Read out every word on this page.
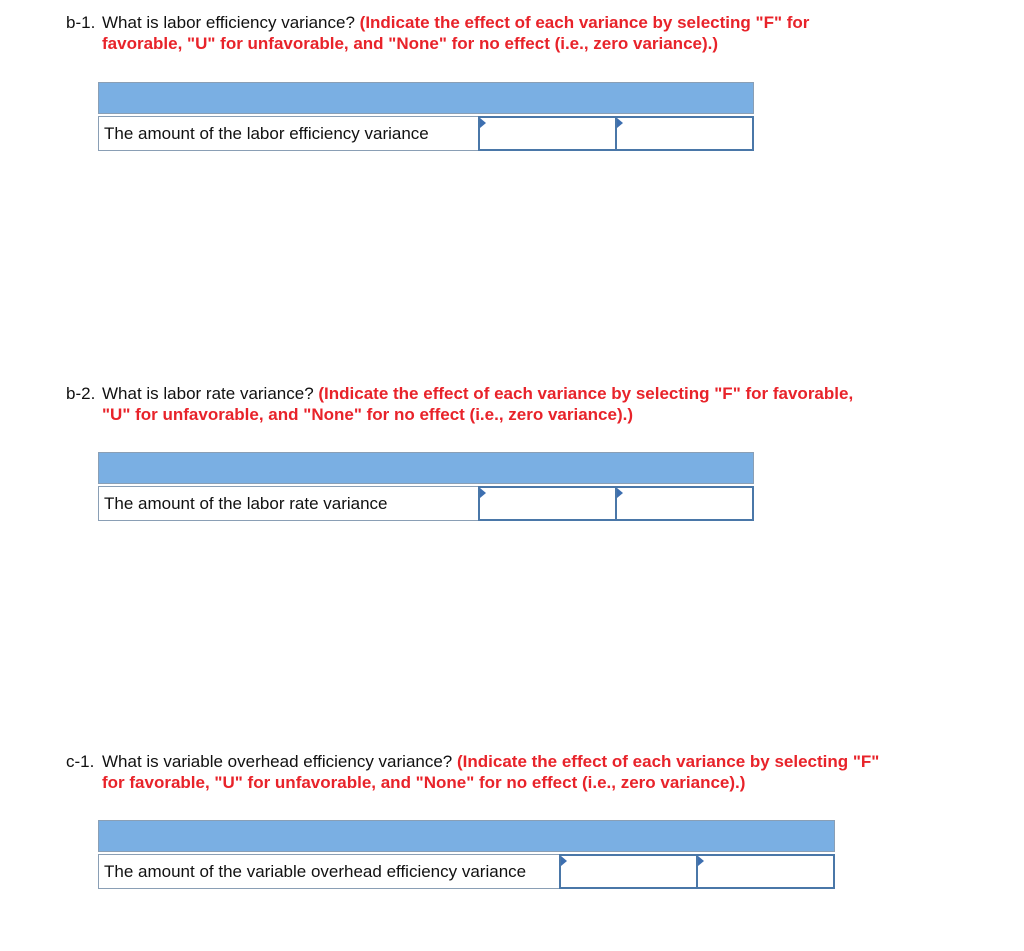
b-1. What is labor efficiency variance? (Indicate the effect of each variance by selecting "F" for
favorable, "U" for unfavorable, and "None" for no effect (i.e., zero variance).)
The amount of the labor efficiency variance
b-2. What is labor rate variance? (Indicate the effect of each variance by selecting "F" for favorable,
"U" for unfavorable, and "None" for no effect (i.e., zero variance).)
The amount of the labor rate variance
c-1. What is variable overhead efficiency variance? (Indicate the effect of each variance by selecting "F"
for favorable, "U" for unfavorable, and "None" for no effect (i.e., zero variance).)
The amount of the variable overhead efficiency variance
